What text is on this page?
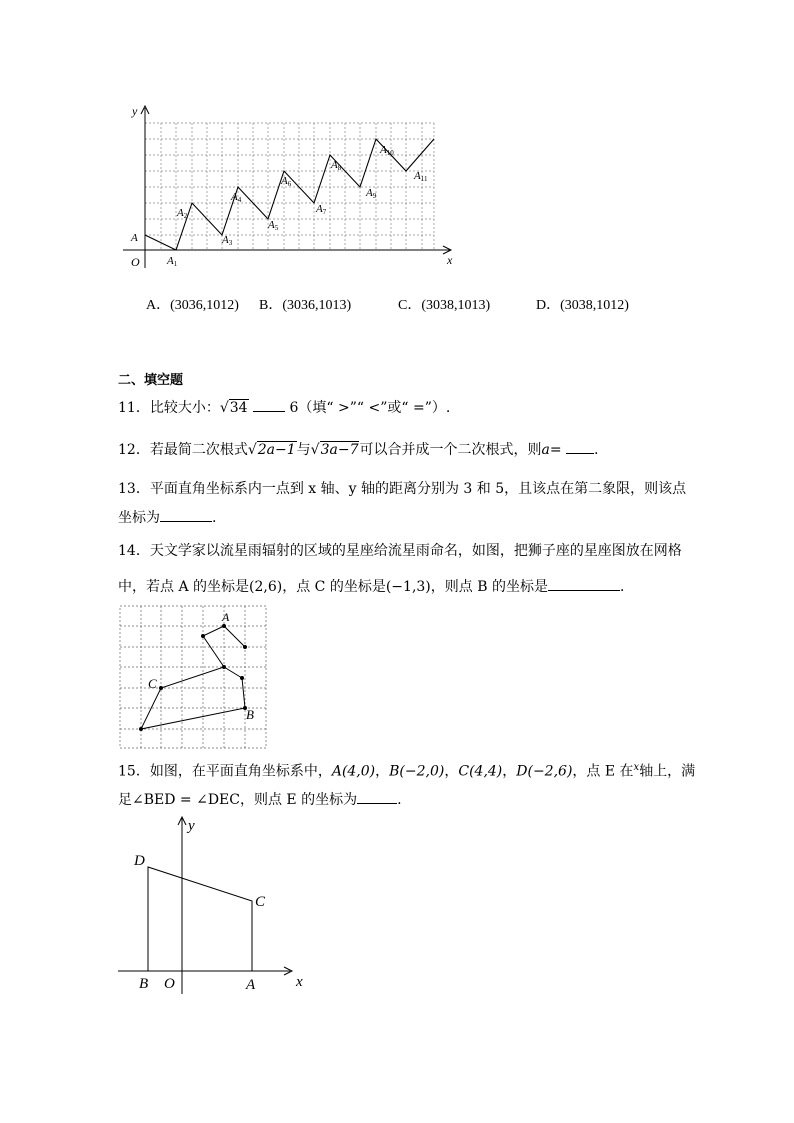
y
x
O
A
A1
A2
A3
A4
A5
A6
A7
A8
A9
A10
A11
A．(3036,1012) B．(3036,1013)	C．(3038,1013)	D．(3038,1012)
二、填空题
11．比较大小：√34	6（填“ >”“ <”或“ =”）.
12．若最简二次根式√2a−1与√3a−7可以合并成一个二次根式，则a= .
13．平面直角坐标系内一点到 x 轴、y 轴的距离分别为 3 和 5，且该点在第二象限，则该点
坐标为	.
14．天文学家以流星雨辐射的区域的星座给流星雨命名，如图，把狮子座的星座图放在网格
中，若点 A 的坐标是(2,6)，点 C 的坐标是(−1,3)，则点 B 的坐标是	．
A
C
B
15．如图，在平面直角坐标系中，A(4,0)，B(−2,0)，C(4,4)，D(−2,6)，点 E 在$^x$轴上，满
足∠BED = ∠DEC，则点 E 的坐标为	.
x
y
O
B	A
C
D
